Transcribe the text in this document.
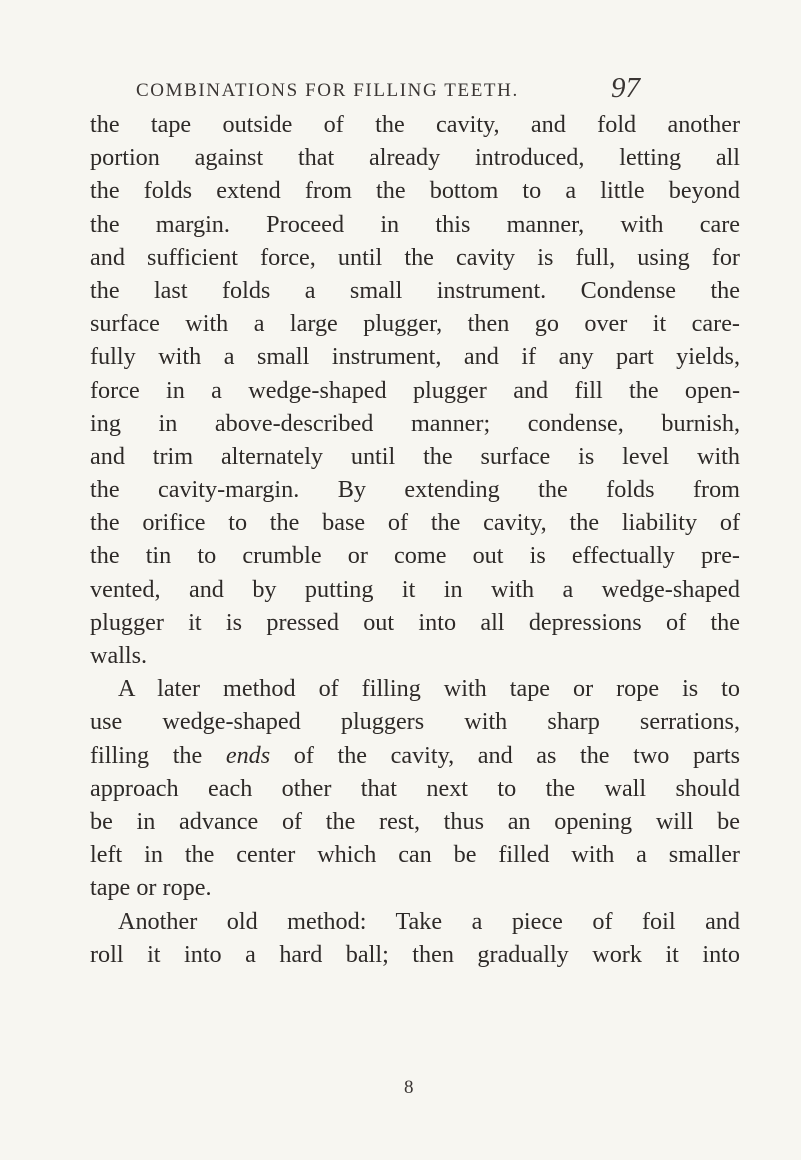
COMBINATIONS FOR FILLING TEETH.	97
the tape outside of the cavity, and fold another
portion against that already introduced, letting all
the folds extend from the bottom to a little beyond
the margin. Proceed in this manner, with care
and sufficient force, until the cavity is full, using for
the last folds a small instrument. Condense the
surface with a large plugger, then go over it care-
fully with a small instrument, and if any part yields,
force in a wedge-shaped plugger and fill the open-
ing in above-described manner; condense, burnish,
and trim alternately until the surface is level with
the cavity-margin. By extending the folds from
the orifice to the base of the cavity, the liability of
the tin to crumble or come out is effectually pre-
vented, and by putting it in with a wedge-shaped
plugger it is pressed out into all depressions of the
walls.
A later method of filling with tape or rope is to
use wedge-shaped pluggers with sharp serrations,
filling the ends of the cavity, and as the two parts
approach each other that next to the wall should
be in advance of the rest, thus an opening will be
left in the center which can be filled with a smaller
tape or rope.
Another old method: Take a piece of foil and
roll it into a hard ball; then gradually work it into
8
